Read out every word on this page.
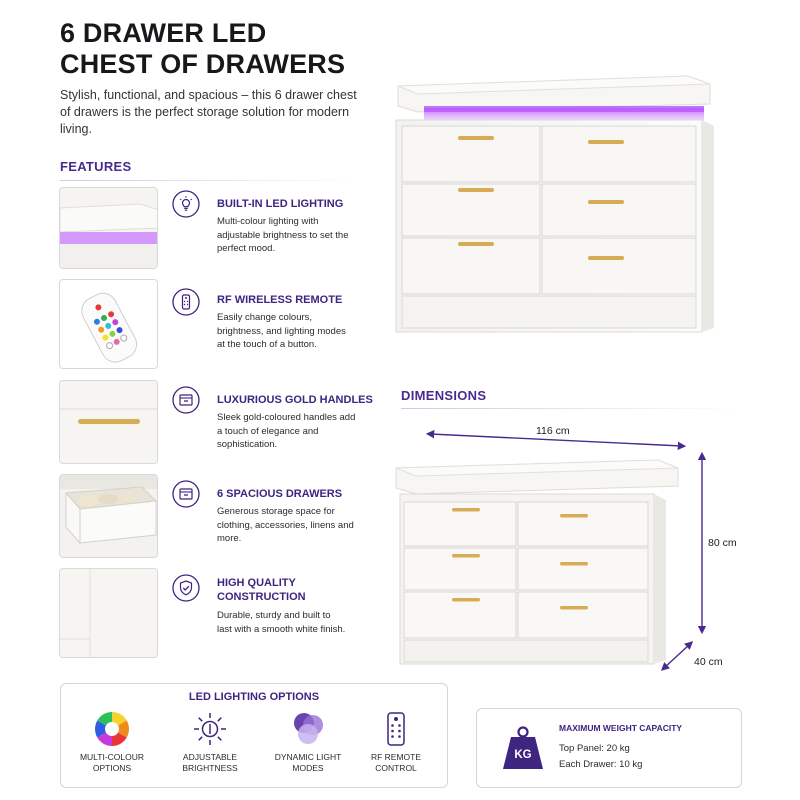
6 DRAWER LED
CHEST OF DRAWERS
Stylish, functional, and spacious – this 6 drawer chest of drawers is the perfect storage solution for modern living.
FEATURES
BUILT-IN LED LIGHTING
Multi-colour lighting with adjustable brightness to set the perfect mood.
RF WIRELESS REMOTE
Easily change colours, brightness, and lighting modes at the touch of a button.
LUXURIOUS GOLD HANDLES
Sleek gold-coloured handles add a touch of elegance and sophistication.
6 SPACIOUS DRAWERS
Generous storage space for clothing, accessories, linens and more.
HIGH QUALITY
CONSTRUCTION
Durable, sturdy and built to last with a smooth white finish.
DIMENSIONS
116 cm
80 cm
40 cm
LED LIGHTING OPTIONS
MULTI-COLOUR
OPTIONS
ADJUSTABLE
BRIGHTNESS
DYNAMIC LIGHT
MODES
RF REMOTE
CONTROL
KG
MAXIMUM WEIGHT CAPACITY
Top Panel: 20 kg
Each Drawer: 10 kg
